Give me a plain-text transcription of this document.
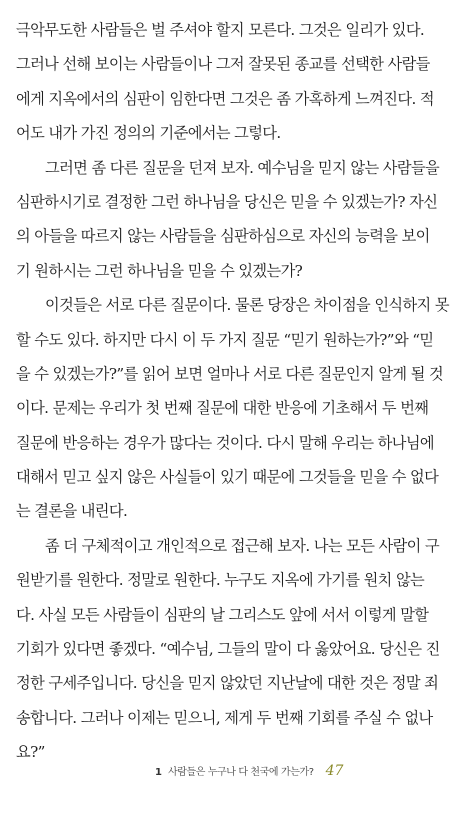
극악무도한 사람들은 벌 주셔야 할지 모른다. 그것은 일리가 있다.
그러나 선해 보이는 사람들이나 그저 잘못된 종교를 선택한 사람들
에게 지옥에서의 심판이 임한다면 그것은 좀 가혹하게 느껴진다. 적
어도 내가 가진 정의의 기준에서는 그렇다.
그러면 좀 다른 질문을 던져 보자. 예수님을 믿지 않는 사람들을
심판하시기로 결정한 그런 하나님을 당신은 믿을 수 있겠는가? 자신
의 아들을 따르지 않는 사람들을 심판하심으로 자신의 능력을 보이
기 원하시는 그런 하나님을 믿을 수 있겠는가?
이것들은 서로 다른 질문이다. 물론 당장은 차이점을 인식하지 못
할 수도 있다. 하지만 다시 이 두 가지 질문 “믿기 원하는가?”와 “믿
을 수 있겠는가?”를 읽어 보면 얼마나 서로 다른 질문인지 알게 될 것
이다. 문제는 우리가 첫 번째 질문에 대한 반응에 기초해서 두 번째
질문에 반응하는 경우가 많다는 것이다. 다시 말해 우리는 하나님에
대해서 믿고 싶지 않은 사실들이 있기 때문에 그것들을 믿을 수 없다
는 결론을 내린다.
좀 더 구체적이고 개인적으로 접근해 보자. 나는 모든 사람이 구
원받기를 원한다. 정말로 원한다. 누구도 지옥에 가기를 원치 않는
다. 사실 모든 사람들이 심판의 날 그리스도 앞에 서서 이렇게 말할
기회가 있다면 좋겠다. “예수님, 그들의 말이 다 옳았어요. 당신은 진
정한 구세주입니다. 당신을 믿지 않았던 지난날에 대한 것은 정말 죄
송합니다. 그러나 이제는 믿으니, 제게 두 번째 기회를 주실 수 없나
요?”
1 사람들은 누구나 다 천국에 가는가? 47
